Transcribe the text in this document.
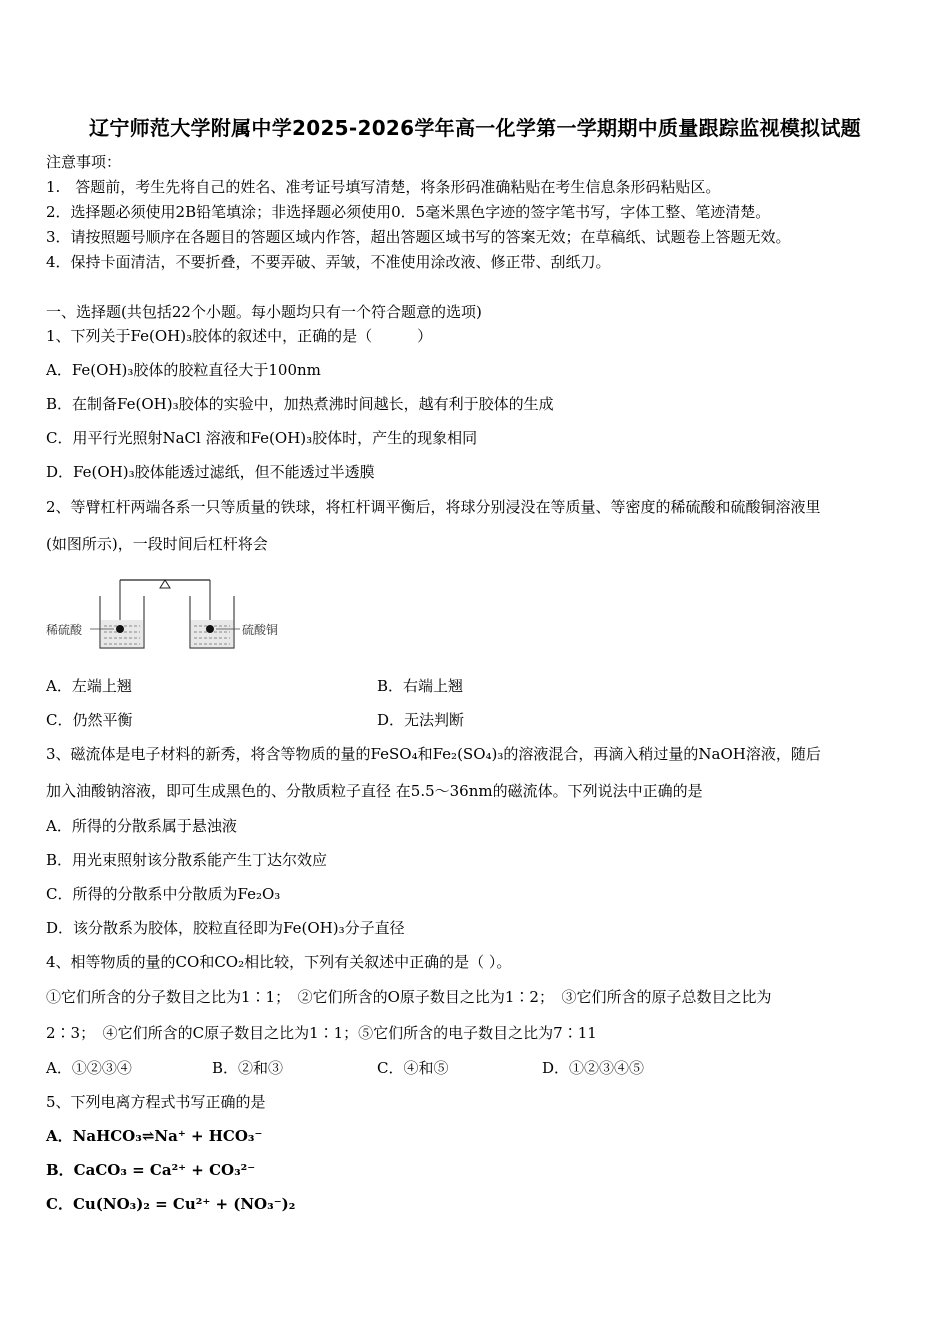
辽宁师范大学附属中学2025-2026学年高一化学第一学期期中质量跟踪监视模拟试题
注意事项：
1.　答题前，考生先将自己的姓名、准考证号填写清楚，将条形码准确粘贴在考生信息条形码粘贴区。
2．选择题必须使用2B铅笔填涂；非选择题必须使用0．5毫米黑色字迹的签字笔书写，字体工整、笔迹清楚。
3．请按照题号顺序在各题目的答题区域内作答，超出答题区域书写的答案无效；在草稿纸、试题卷上答题无效。
4．保持卡面清洁，不要折叠，不要弄破、弄皱，不准使用涂改液、修正带、刮纸刀。
一、选择题(共包括22个小题。每小题均只有一个符合题意的选项)
1、下列关于Fe(OH)₃胶体的叙述中，正确的是（　　　）
A．Fe(OH)₃胶体的胶粒直径大于100nm
B．在制备Fe(OH)₃胶体的实验中，加热煮沸时间越长，越有利于胶体的生成
C．用平行光照射NaCl 溶液和Fe(OH)₃胶体时，产生的现象相同
D．Fe(OH)₃胶体能透过滤纸，但不能透过半透膜
2、等臂杠杆两端各系一只等质量的铁球，将杠杆调平衡后，将球分别浸没在等质量、等密度的稀硫酸和硫酸铜溶液里
(如图所示)，一段时间后杠杆将会
稀硫酸	硫酸铜
A．左端上翘	B．右端上翘
C．仍然平衡	D．无法判断
3、磁流体是电子材料的新秀，将含等物质的量的FeSO₄和Fe₂(SO₄)₃的溶液混合，再滴入稍过量的NaOH溶液，随后
加入油酸钠溶液，即可生成黑色的、分散质粒子直径 在5.5～36nm的磁流体。下列说法中正确的是
A．所得的分散系属于悬浊液
B．用光束照射该分散系能产生丁达尔效应
C．所得的分散系中分散质为Fe₂O₃
D．该分散系为胶体，胶粒直径即为Fe(OH)₃分子直径
4、相等物质的量的CO和CO₂相比较，下列有关叙述中正确的是（ ）。
①它们所含的分子数目之比为1∶1；　②它们所含的O原子数目之比为1∶2；　③它们所含的原子总数目之比为
2∶3；　④它们所含的C原子数目之比为1∶1；⑤它们所含的电子数目之比为7∶11
A．①②③④	B．②和③	C．④和⑤	D．①②③④⑤
5、下列电离方程式书写正确的是
A．NaHCO₃⇌Na⁺ + HCO₃⁻
B．CaCO₃ = Ca²⁺ + CO₃²⁻
C．Cu(NO₃)₂ = Cu²⁺ + (NO₃⁻)₂
